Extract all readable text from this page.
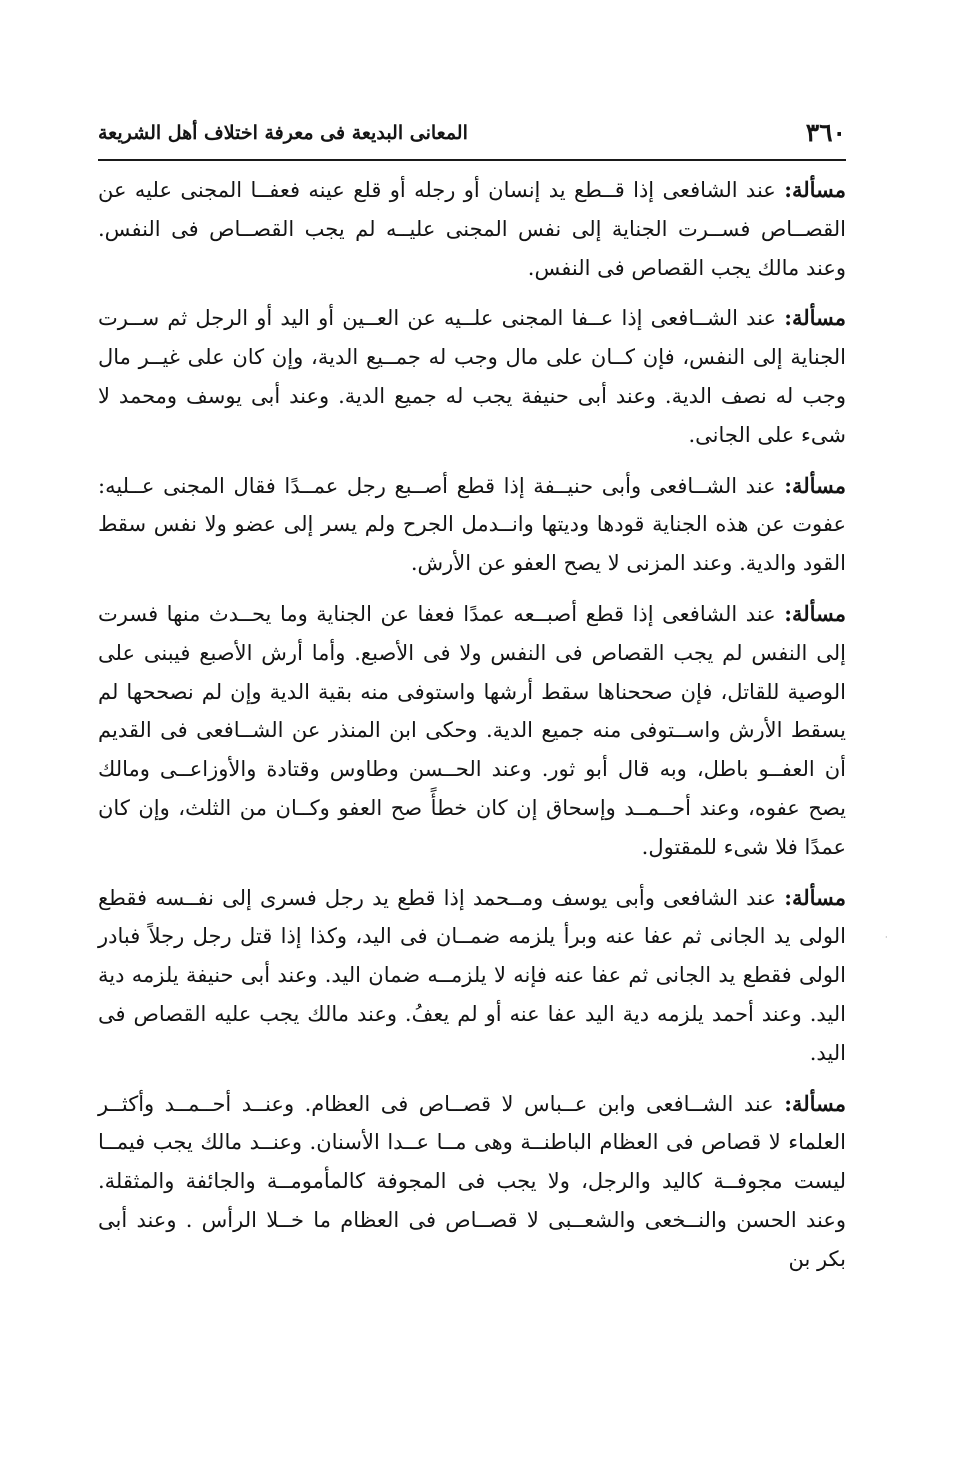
٣٦٠
المعانى البديعة فى معرفة اختلاف أهل الشريعة

مسألة: عند الشافعى إذا قــطع يد إنسان أو رجله أو قلع عينه فعفــا المجنى عليه عن القصــاص فســرت الجناية إلى نفس المجنى عليــه لم يجب القصــاص فى النفس. وعند مالك يجب القصاص فى النفس.

مسألة: عند الشــافعى إذا عــفا المجنى علــيه عن العــين أو اليد أو الرجل ثم ســرت الجناية إلى النفس، فإن كــان على مال وجب له جمــيع الدية، وإن كان على غيــر مال وجب له نصف الدية. وعند أبى حنيفة يجب له جميع الدية. وعند أبى يوسف ومحمد لا شىء على الجانى.

مسألة: عند الشــافعى وأبى حنيــفة إذا قطع أصــبع رجل عمــدًا فقال المجنى عــليه: عفوت عن هذه الجناية قودها وديتها وانــدمل الجرح ولم يسر إلى عضو ولا نفس سقط القود والدية. وعند المزنى لا يصح العفو عن الأرش.

مسألة: عند الشافعى إذا قطع أصبــعه عمدًا فعفا عن الجناية وما يحــدث منها فسرت إلى النفس لم يجب القصاص فى النفس ولا فى الأصبع. وأما أرش الأصبع فيبنى على الوصية للقاتل، فإن صححناها سقط أرشها واستوفى منه بقية الدية وإن لم نصححها لم يسقط الأرش واســتوفى منه جميع الدية. وحكى ابن المنذر عن الشــافعى فى القديم أن العفــو باطل، وبه قال أبو ثور. وعند الحــسن وطاوس وقتادة والأوزاعــى ومالك يصح عفوه، وعند أحــمــد وإسحاق إن كان خطأً صح العفو وكــان من الثلث، وإن كان عمدًا فلا شىء للمقتول.

مسألة: عند الشافعى وأبى يوسف ومــحمد إذا قطع يد رجل فسرى إلى نفــسه فقطع الولى يد الجانى ثم عفا عنه وبرأ يلزمه ضمــان فى اليد، وكذا إذا قتل رجل رجلاً فبادر الولى فقطع يد الجانى ثم عفا عنه فإنه لا يلزمــه ضمان اليد. وعند أبى حنيفة يلزمه دية اليد. وعند أحمد يلزمه دية اليد عفا عنه أو لم يعفُ. وعند مالك يجب عليه القصاص فى اليد.

مسألة: عند الشــافعى وابن عــباس لا قصــاص فى العظام. وعنــد أحــمــد وأكثــر العلماء لا قصاص فى العظام الباطنــة وهى مــا عــدا الأسنان. وعنــد مالك يجب فيمــا ليست مجوفــة كاليد والرجل، ولا يجب فى المجوفة كالمأمومــة والجائفة والمثقلة. وعند الحسن والنــخعى والشعــبى لا قصــاص فى العظام ما خــلا الرأس . وعند أبى بكر بن

·
